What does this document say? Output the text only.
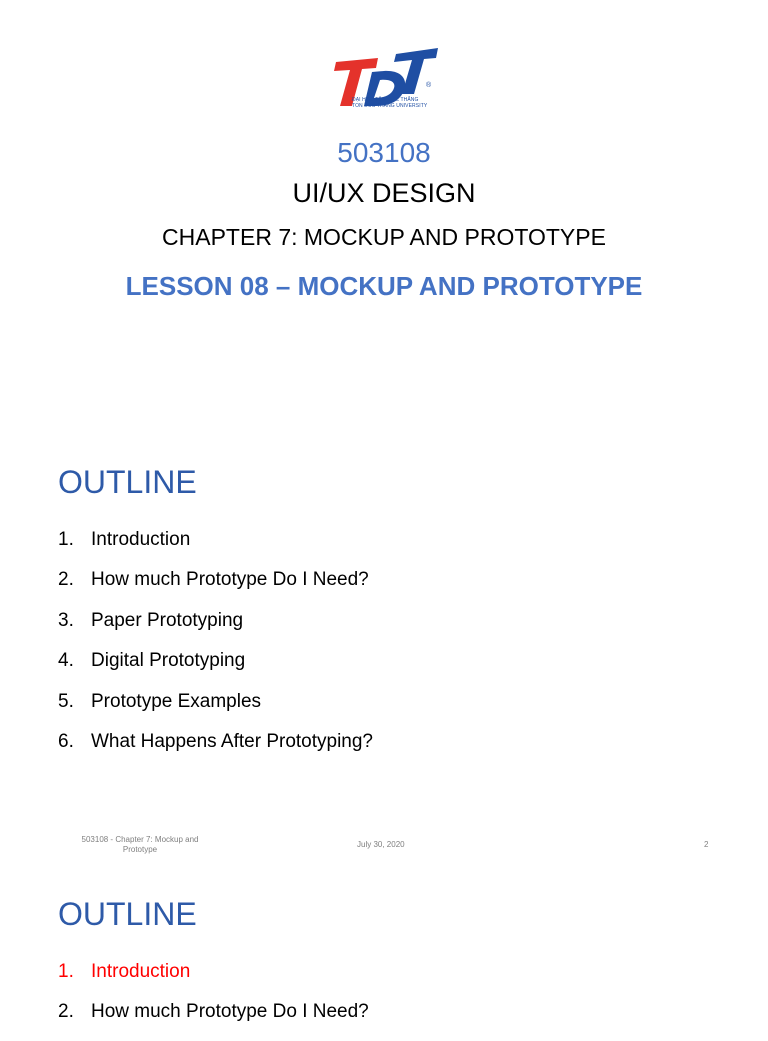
®
ĐẠI HỌC TÔN ĐỨC THẮNG
TON DUC THANG UNIVERSITY
503108
UI/UX DESIGN
CHAPTER 7: MOCKUP AND PROTOTYPE
LESSON 08 – MOCKUP AND PROTOTYPE
OUTLINE
1. Introduction
2. How much Prototype Do I Need?
3. Paper Prototyping
4. Digital Prototyping
5. Prototype Examples
6. What Happens After Prototyping?
503108 - Chapter 7: Mockup and
Prototype
July 30, 2020	2
OUTLINE
1. Introduction
2. How much Prototype Do I Need?
